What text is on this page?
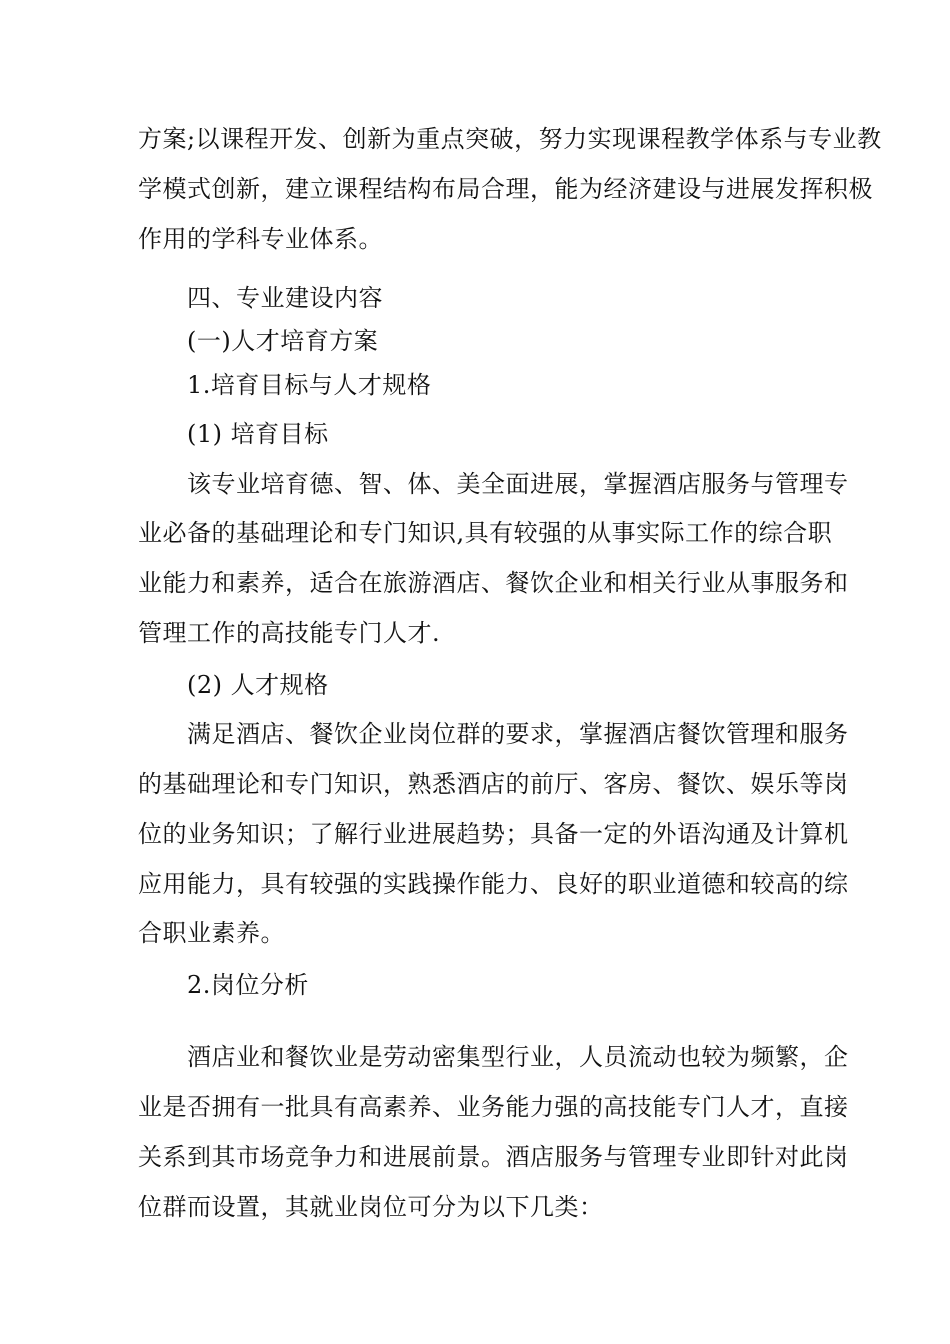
方案;以课程开发、创新为重点突破，努力实现课程教学体系与专业教
学模式创新，建立课程结构布局合理，能为经济建设与进展发挥积极
作用的学科专业体系。
四、专业建设内容
(一)人才培育方案
1.培育目标与人才规格
(1) 培育目标
该专业培育德、智、体、美全面进展，掌握酒店服务与管理专
业必备的基础理论和专门知识,具有较强的从事实际工作的综合职
业能力和素养，适合在旅游酒店、餐饮企业和相关行业从事服务和
管理工作的高技能专门人才.
(2) 人才规格
满足酒店、餐饮企业岗位群的要求，掌握酒店餐饮管理和服务
的基础理论和专门知识，熟悉酒店的前厅、客房、餐饮、娱乐等岗
位的业务知识；了解行业进展趋势；具备一定的外语沟通及计算机
应用能力，具有较强的实践操作能力、良好的职业道德和较高的综
合职业素养。
2.岗位分析
酒店业和餐饮业是劳动密集型行业，人员流动也较为频繁，企
业是否拥有一批具有高素养、业务能力强的高技能专门人才，直接
关系到其市场竞争力和进展前景。酒店服务与管理专业即针对此岗
位群而设置，其就业岗位可分为以下几类：
